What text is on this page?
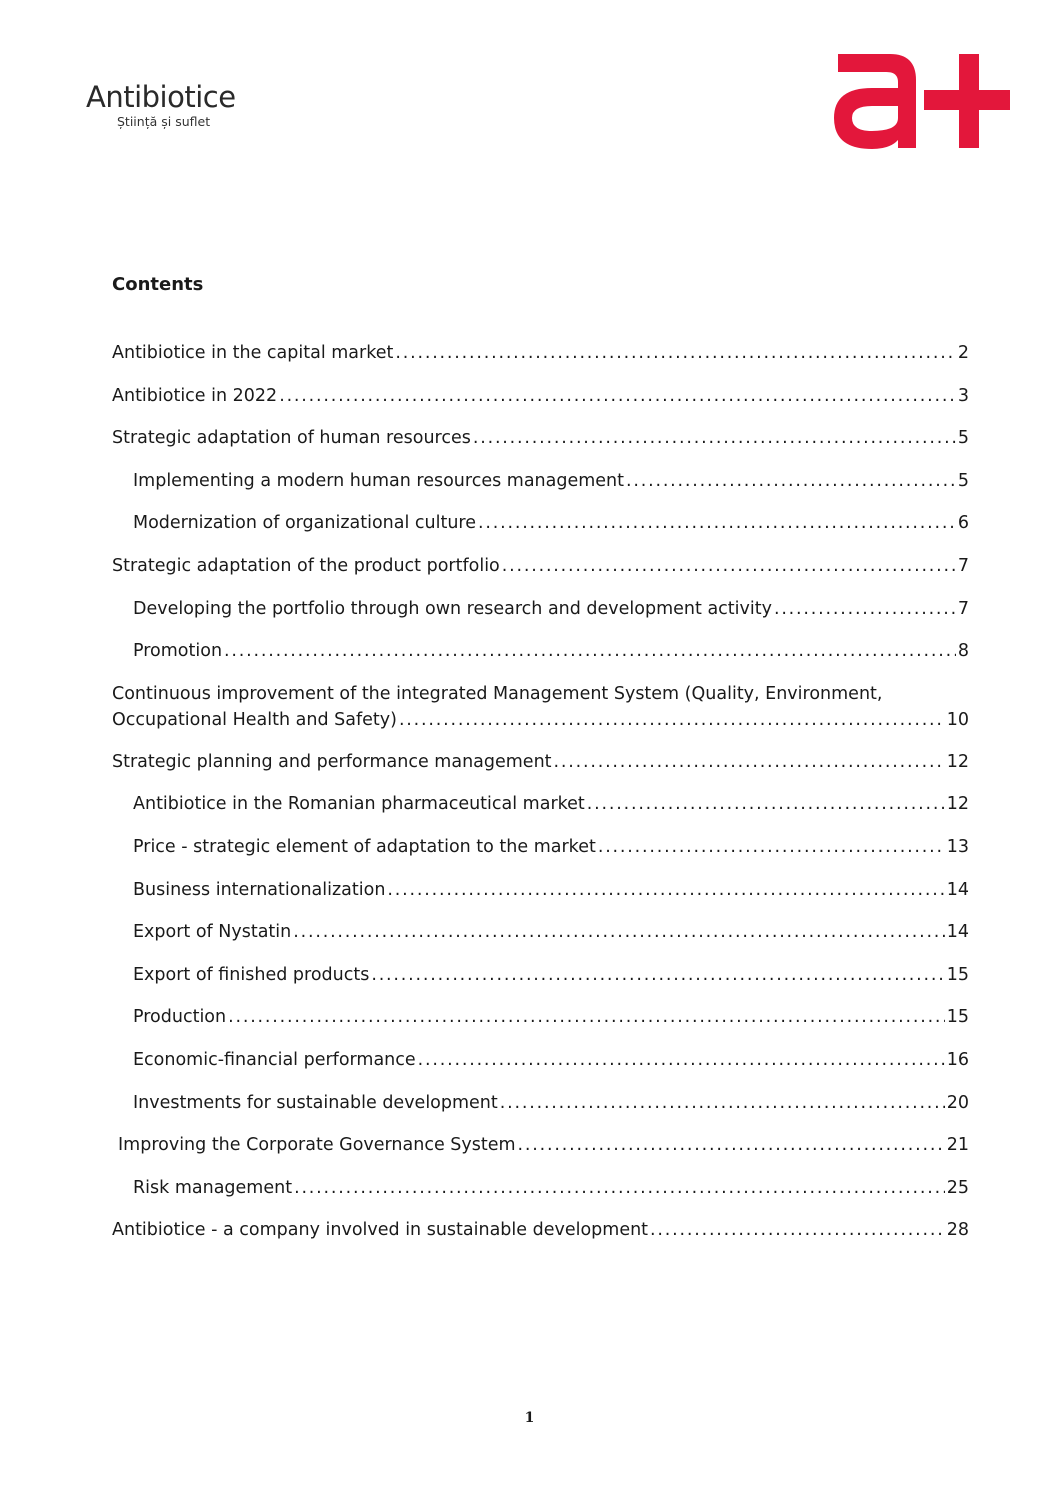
Antibiotice
Știință și suflet
Contents
Antibiotice in the capital market .....	2
Antibiotice in 2022 .....	3
Strategic adaptation of human resources .....	5
Implementing a modern human resources management .....	5
Modernization of organizational culture .....	6
Strategic adaptation of the product portfolio .....	7
Developing the portfolio through own research and development activity .....	7
Promotion .....	8
Continuous improvement of the integrated Management System (Quality, Environment,
Occupational Health and Safety) .....	10
Strategic planning and performance management .....	12
Antibiotice in the Romanian pharmaceutical market .....	12
Price - strategic element of adaptation to the market .....	13
Business internationalization .....	14
Export of Nystatin .....	14
Export of finished products .....	15
Production .....	15
Economic-financial performance .....	16
Investments for sustainable development .....	20
Improving the Corporate Governance System .....	21
Risk management .....	25
Antibiotice - a company involved in sustainable development .....	28
1
